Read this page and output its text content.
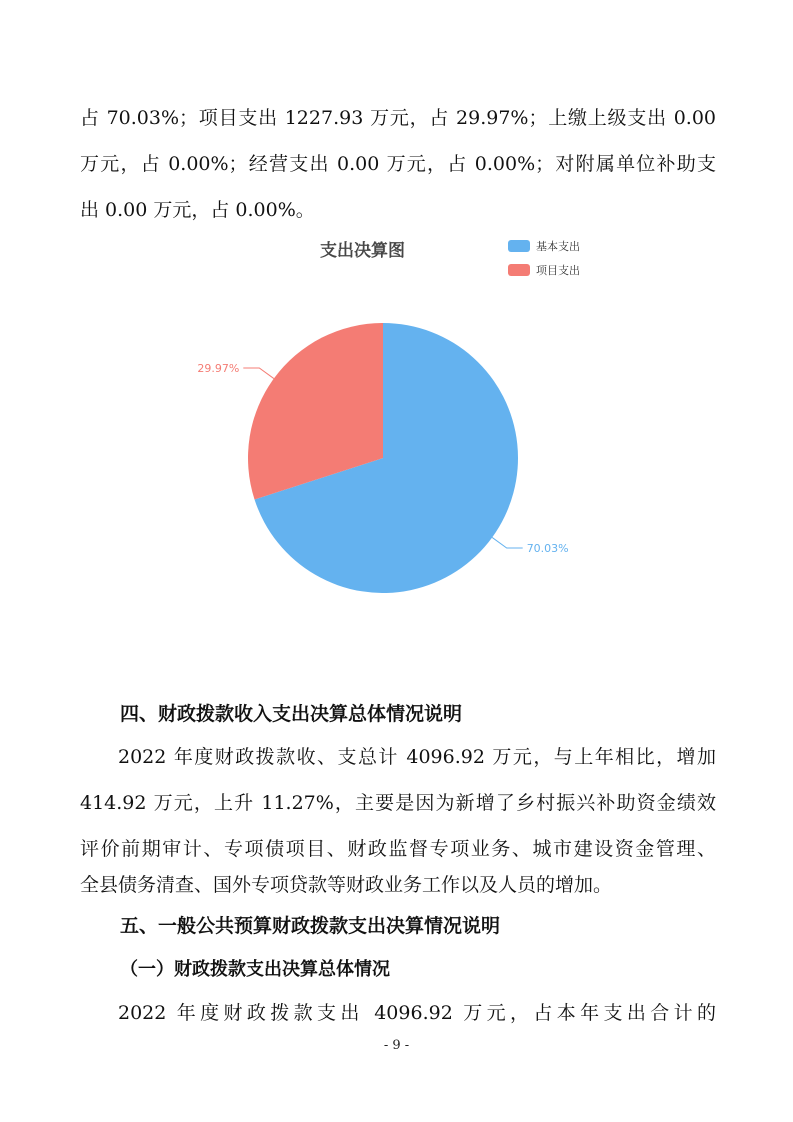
占 70.03%；项目支出 1227.93 万元，占 29.97%；上缴上级支出 0.00

万元，占 0.00%；经营支出 0.00 万元，占 0.00%；对附属单位补助支

出 0.00 万元，占 0.00%。

支出决算图	基本支出
项目支出
70.03%
29.97%

四、财政拨款收入支出决算总体情况说明

2022 年度财政拨款收、支总计 4096.92 万元，与上年相比，增加

414.92 万元，上升 11.27%，主要是因为新增了乡村振兴补助资金绩效

评价前期审计、专项债项目、财政监督专项业务、城市建设资金管理、

全县债务清查、国外专项贷款等财政业务工作以及人员的增加。

五、一般公共预算财政拨款支出决算情况说明

（一）财政拨款支出决算总体情况

2022 年度财政拨款支出 4096.92 万元，占本年支出合计的

- 9 -
